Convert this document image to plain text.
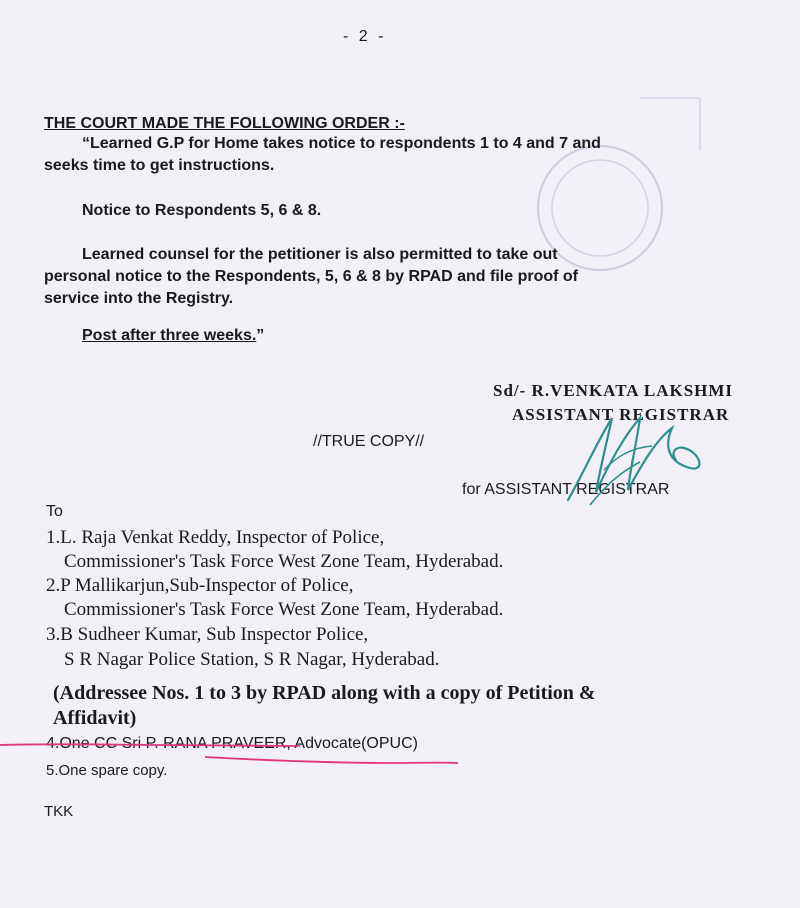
- 2 -
THE COURT MADE THE FOLLOWING ORDER :-
“Learned G.P for Home takes notice to respondents 1 to 4 and 7 and
seeks time to get instructions.
Notice to Respondents 5, 6 & 8.
Learned counsel for the petitioner is also permitted to take out
personal notice to the Respondents, 5, 6 & 8 by RPAD and file proof of
service into the Registry.
Post after three weeks.”
Sd/- R.VENKATA LAKSHMI
ASSISTANT REGISTRAR
//TRUE COPY//
for ASSISTANT REGISTRAR
To
1.L. Raja Venkat Reddy, Inspector of Police,
Commissioner's Task Force West Zone Team, Hyderabad.
2.P Mallikarjun,Sub-Inspector of Police,
Commissioner's Task Force West Zone Team, Hyderabad.
3.B Sudheer Kumar, Sub Inspector Police,
S R Nagar Police Station, S R Nagar, Hyderabad.
(Addressee Nos. 1 to 3 by RPAD along with a copy of Petition &
Affidavit)
4.One CC Sri P. RANA PRAVEER, Advocate(OPUC)
5.One spare copy.
TKK
